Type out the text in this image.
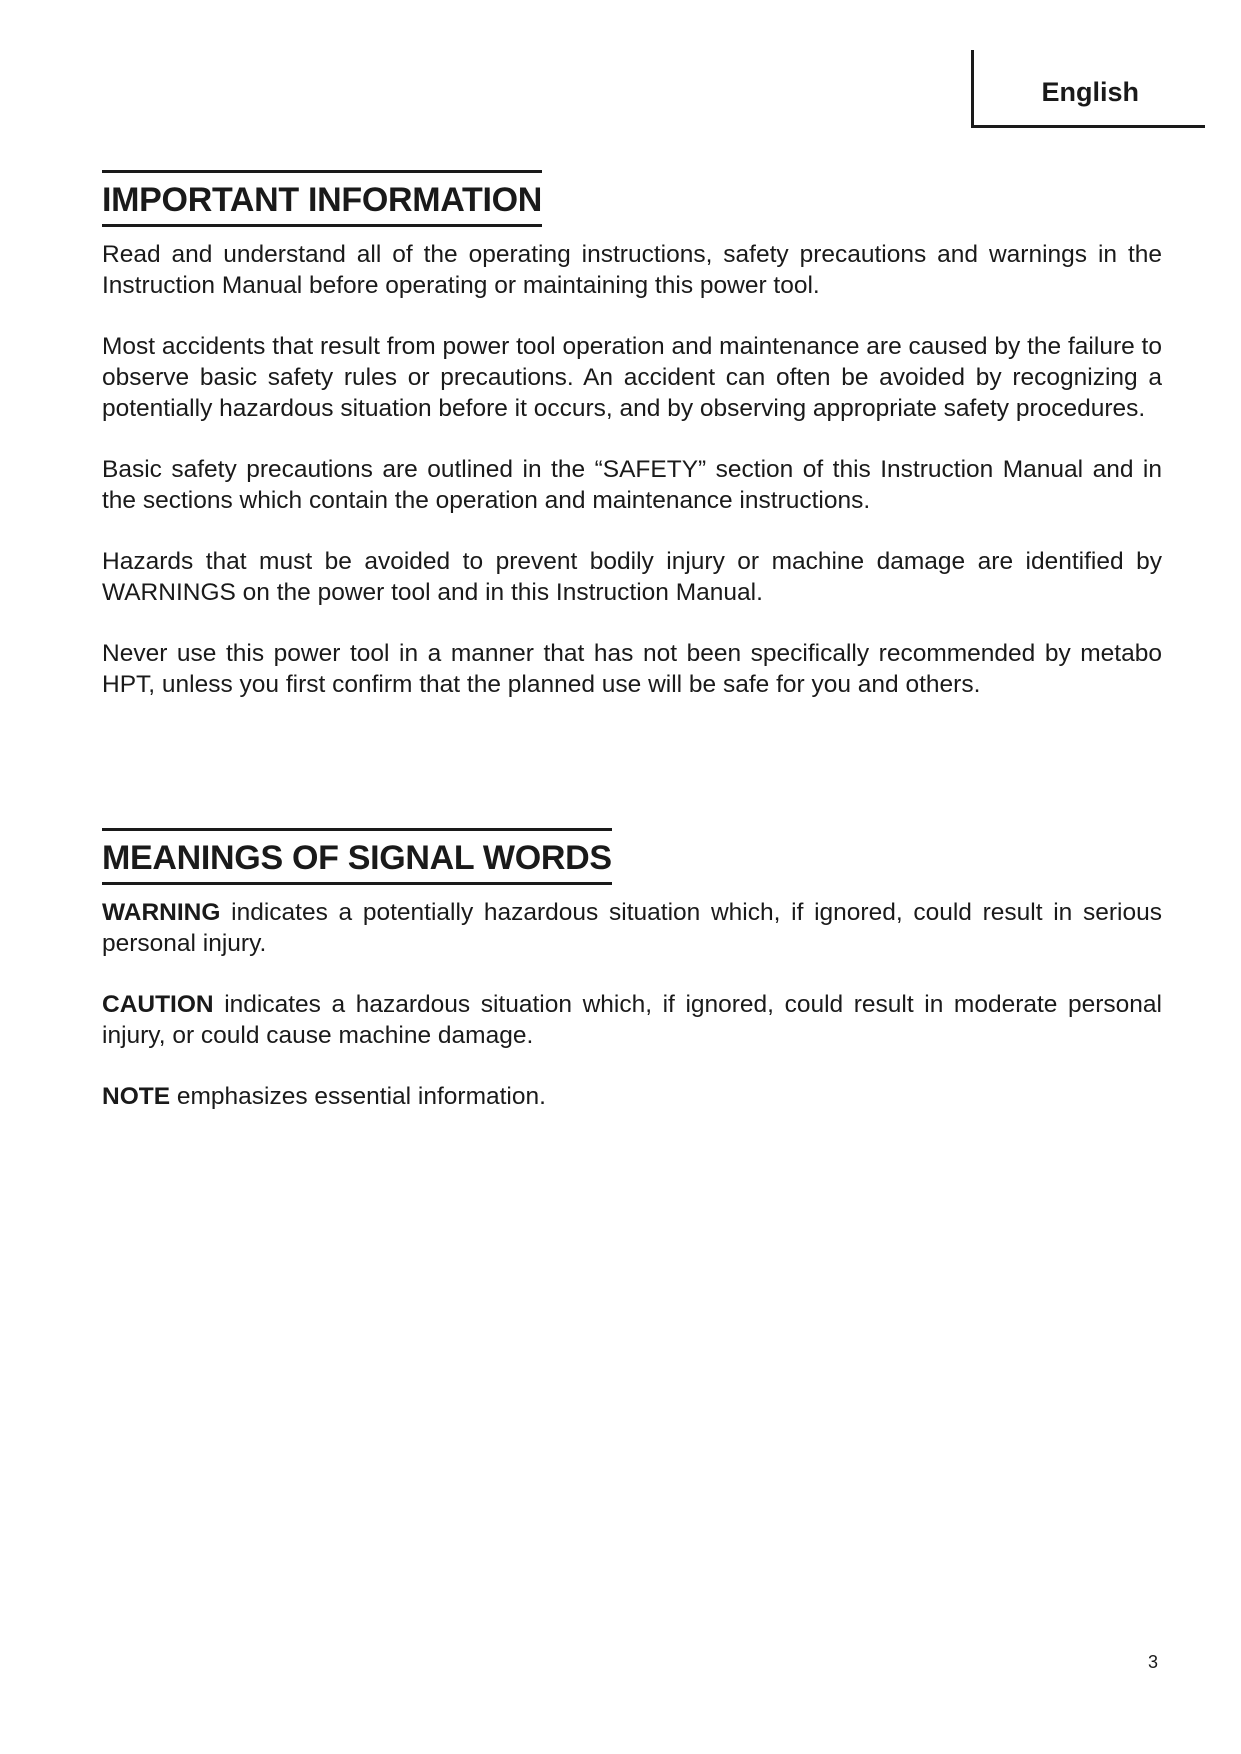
English
IMPORTANT INFORMATION

Read and understand all of the operating instructions, safety precautions and warnings in the Instruction Manual before operating or maintaining this power tool.

Most accidents that result from power tool operation and maintenance are caused by the failure to observe basic safety rules or precautions. An accident can often be avoided by recognizing a potentially hazardous situation before it occurs, and by observing appropriate safety procedures.

Basic safety precautions are outlined in the “SAFETY” section of this Instruction Manual and in the sections which contain the operation and maintenance instructions.

Hazards that must be avoided to prevent bodily injury or machine damage are identified by WARNINGS on the power tool and in this Instruction Manual.

Never use this power tool in a manner that has not been specifically recommended by metabo HPT, unless you first confirm that the planned use will be safe for you and others.

MEANINGS OF SIGNAL WORDS

WARNING indicates a potentially hazardous situation which, if ignored, could result in serious personal injury.

CAUTION indicates a hazardous situation which, if ignored, could result in moderate personal injury, or could cause machine damage.

NOTE emphasizes essential information.

3
